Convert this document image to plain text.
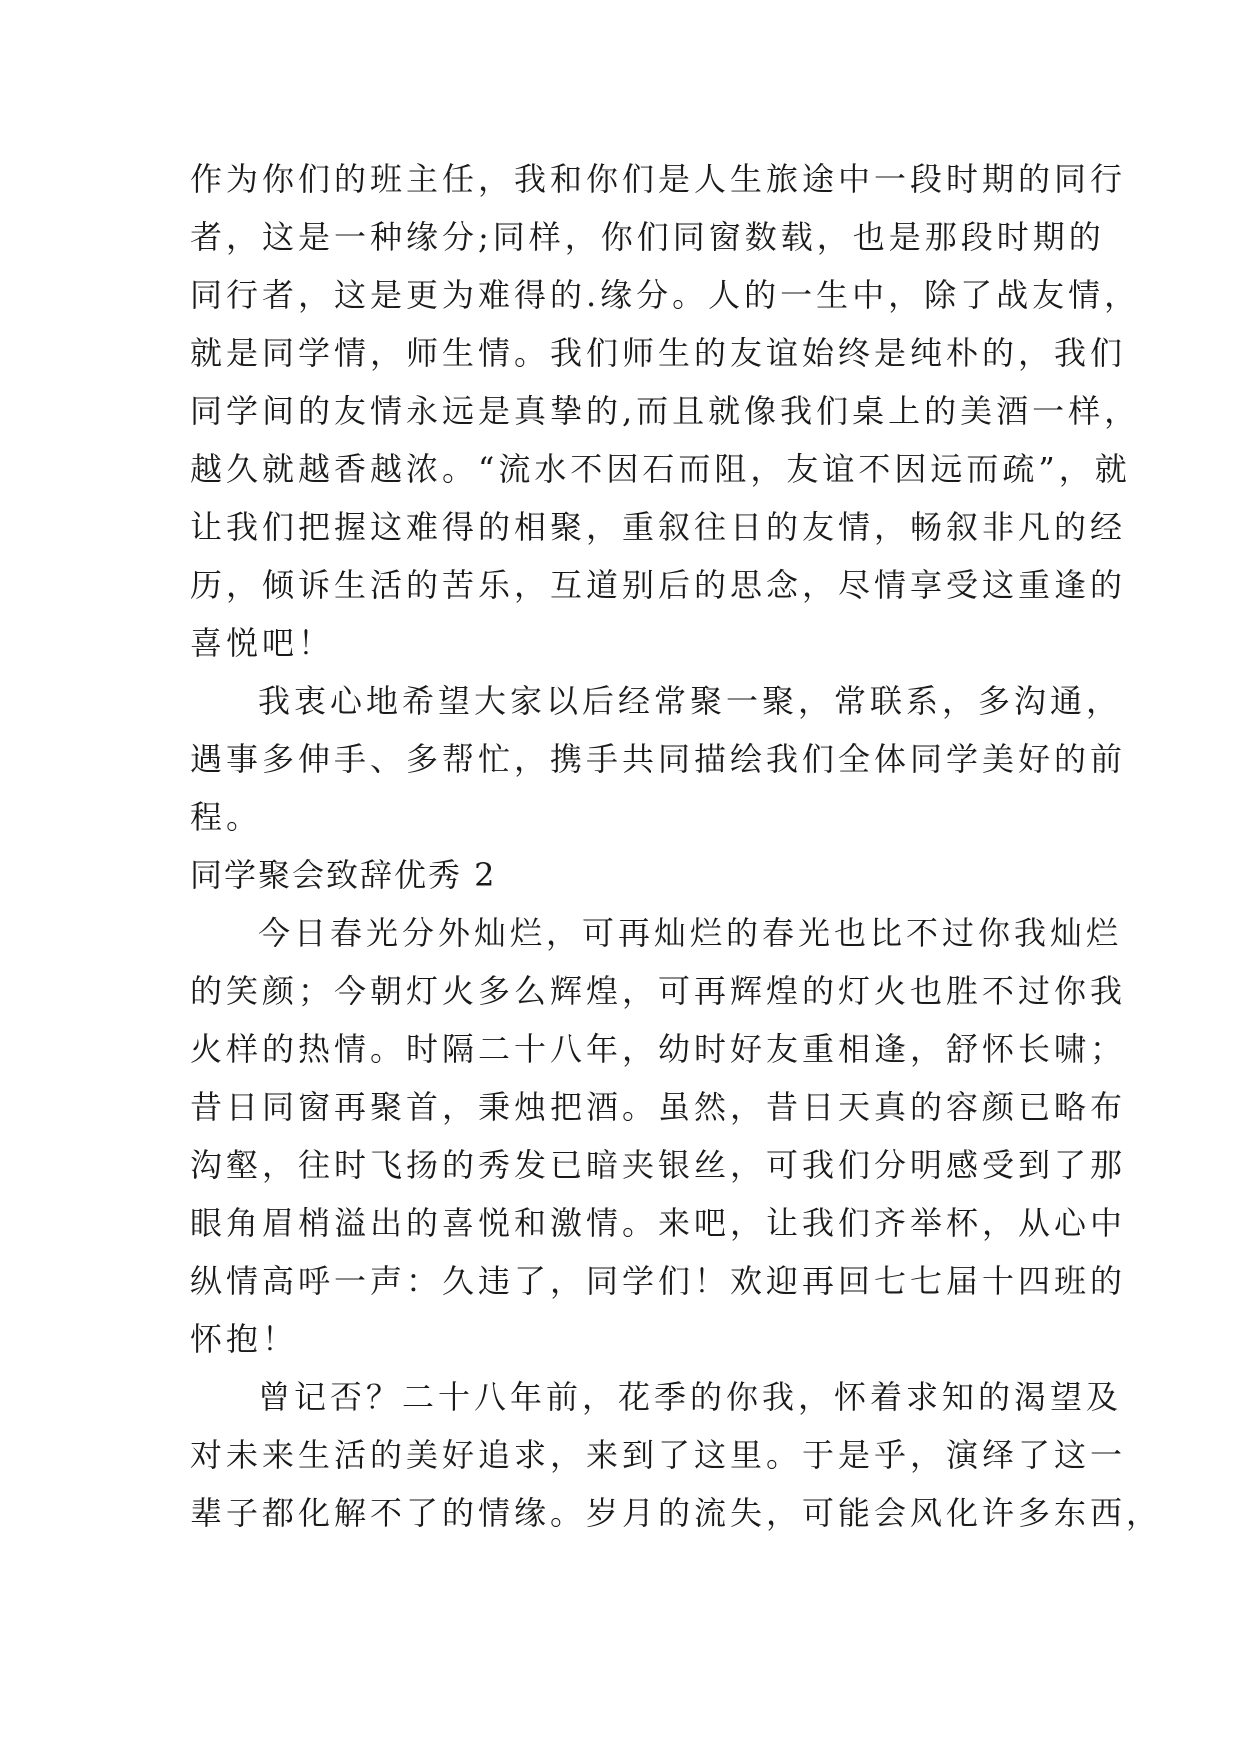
作为你们的班主任，我和你们是人生旅途中一段时期的同行
者，这是一种缘分;同样，你们同窗数载，也是那段时期的
同行者，这是更为难得的.缘分。人的一生中，除了战友情，
就是同学情，师生情。我们师生的友谊始终是纯朴的，我们
同学间的友情永远是真挚的,而且就像我们桌上的美酒一样，
越久就越香越浓。“流水不因石而阻，友谊不因远而疏”，就
让我们把握这难得的相聚，重叙往日的友情，畅叙非凡的经
历，倾诉生活的苦乐，互道别后的思念，尽情享受这重逢的
喜悦吧！
我衷心地希望大家以后经常聚一聚，常联系，多沟通，
遇事多伸手、多帮忙，携手共同描绘我们全体同学美好的前
程。
同学聚会致辞优秀 2
今日春光分外灿烂，可再灿烂的春光也比不过你我灿烂
的笑颜；今朝灯火多么辉煌，可再辉煌的灯火也胜不过你我
火样的热情。时隔二十八年，幼时好友重相逢，舒怀长啸；
昔日同窗再聚首，秉烛把酒。虽然，昔日天真的容颜已略布
沟壑，往时飞扬的秀发已暗夹银丝，可我们分明感受到了那
眼角眉梢溢出的喜悦和激情。来吧，让我们齐举杯，从心中
纵情高呼一声：久违了，同学们！欢迎再回七七届十四班的
怀抱！
曾记否？二十八年前，花季的你我，怀着求知的渴望及
对未来生活的美好追求，来到了这里。于是乎，演绎了这一
辈子都化解不了的情缘。岁月的流失，可能会风化许多东西，
